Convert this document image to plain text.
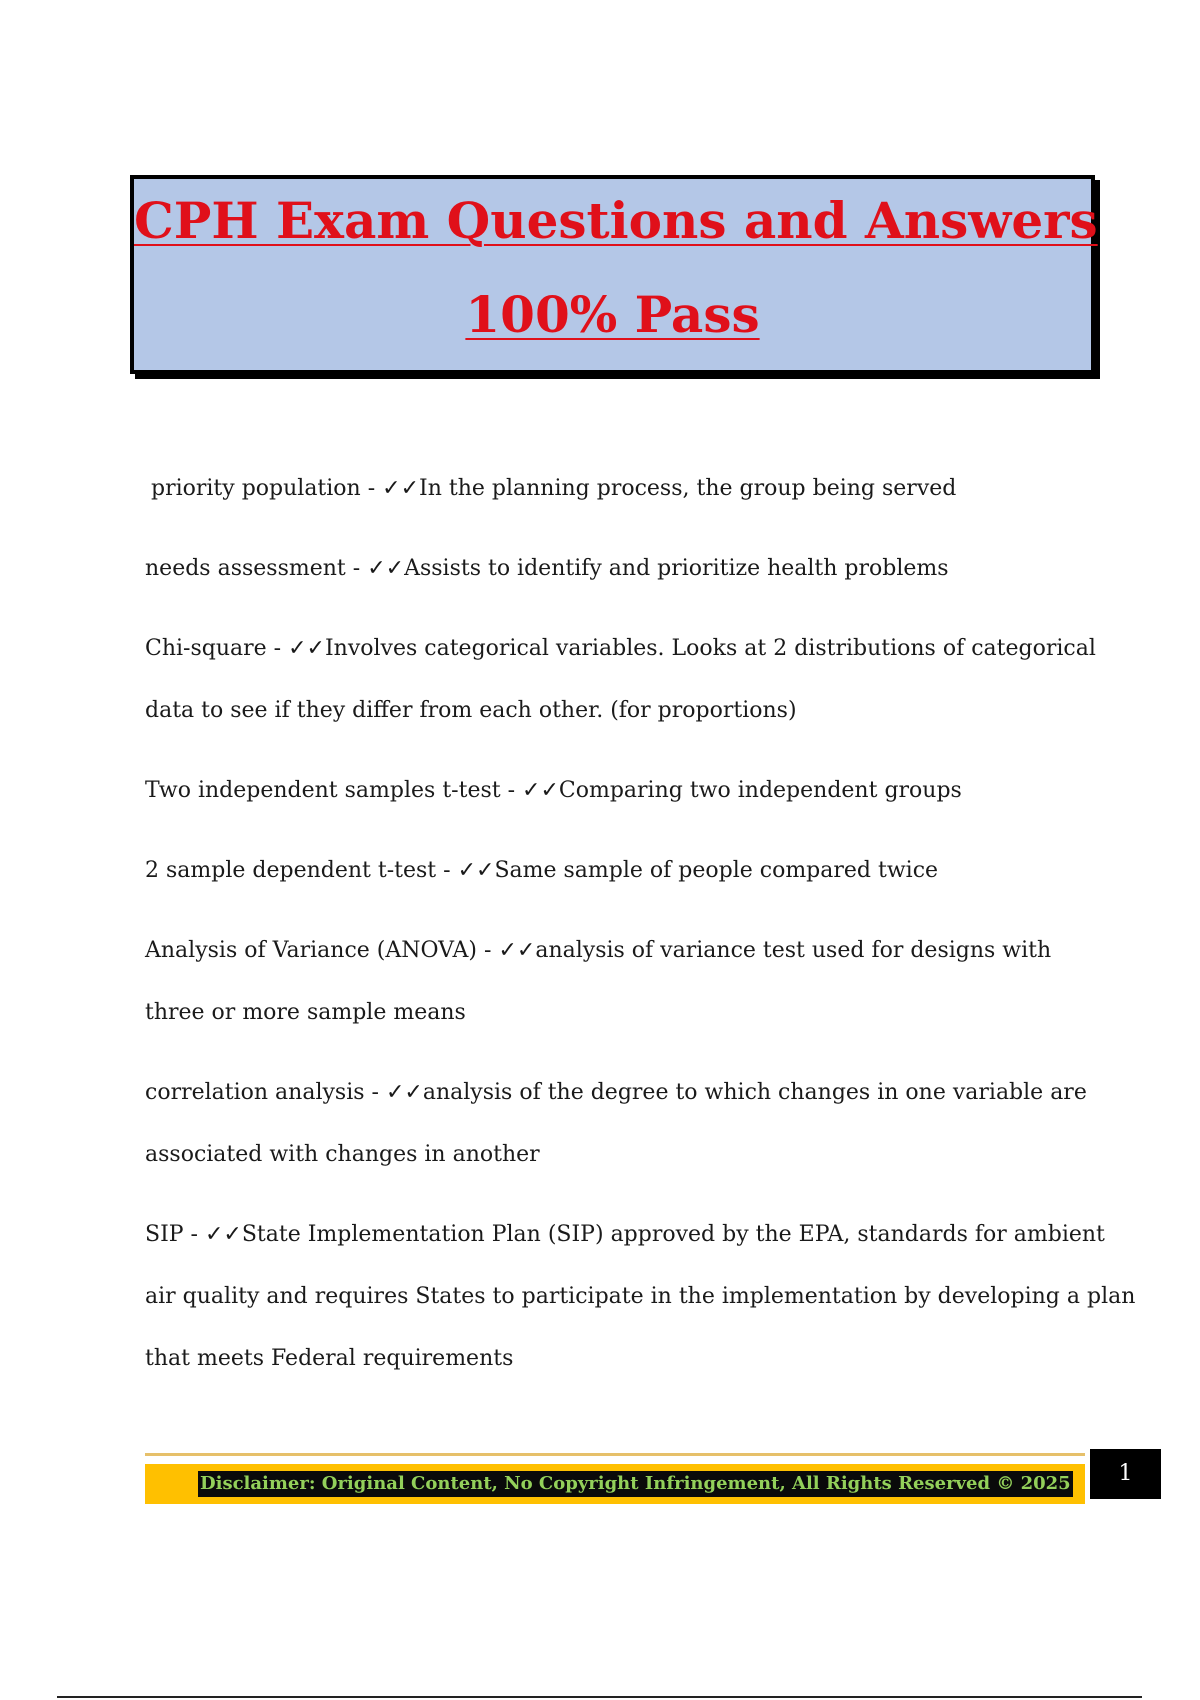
CPH Exam Questions and Answers
100% Pass
priority population - ✓✓In the planning process, the group being served
needs assessment - ✓✓Assists to identify and prioritize health problems
Chi-square - ✓✓Involves categorical variables. Looks at 2 distributions of categorical
data to see if they differ from each other. (for proportions)
Two independent samples t-test - ✓✓Comparing two independent groups
2 sample dependent t-test - ✓✓Same sample of people compared twice
Analysis of Variance (ANOVA) - ✓✓analysis of variance test used for designs with
three or more sample means
correlation analysis - ✓✓analysis of the degree to which changes in one variable are
associated with changes in another
SIP - ✓✓State Implementation Plan (SIP) approved by the EPA, standards for ambient
air quality and requires States to participate in the implementation by developing a plan
that meets Federal requirements
Disclaimer: Original Content, No Copyright Infringement, All Rights Reserved © 2025	1
